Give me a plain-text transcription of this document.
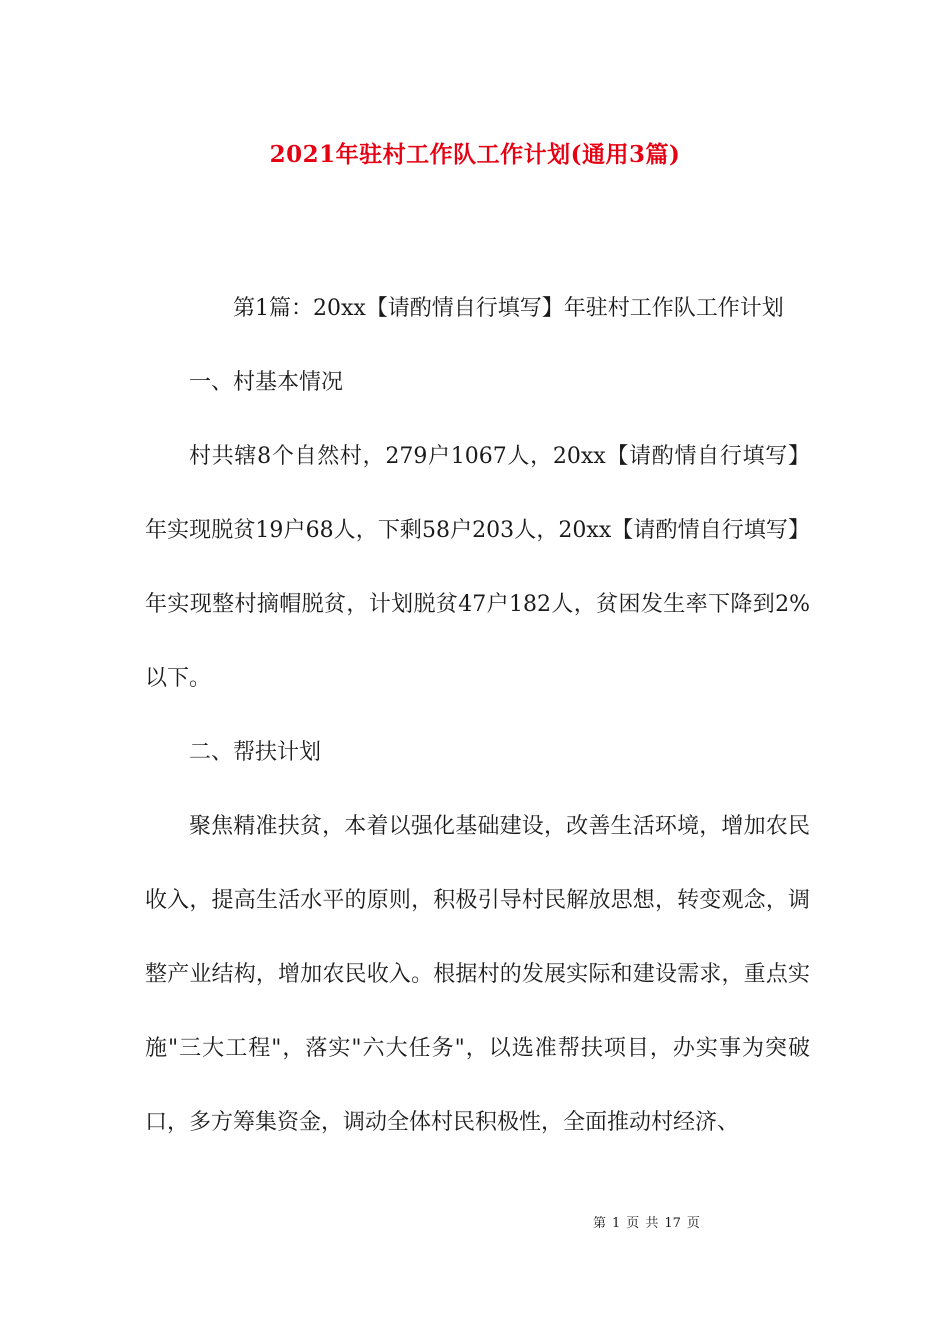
2021年驻村工作队工作计划(通用3篇)

第1篇：20xx【请酌情自行填写】年驻村工作队工作计划

一、村基本情况

村共辖8个自然村，279户1067人，20xx【请酌情自行填写】年实现脱贫19户68人，下剩58户203人，20xx【请酌情自行填写】年实现整村摘帽脱贫，计划脱贫47户182人，贫困发生率下降到2%以下。

二、帮扶计划

聚焦精准扶贫，本着以强化基础建设，改善生活环境，增加农民收入，提高生活水平的原则，积极引导村民解放思想，转变观念，调整产业结构，增加农民收入。根据村的发展实际和建设需求，重点实施"三大工程"，落实"六大任务"，以选准帮扶项目，办实事为突破口，多方筹集资金，调动全体村民积极性，全面推动村经济、

第 1 页 共 17 页
